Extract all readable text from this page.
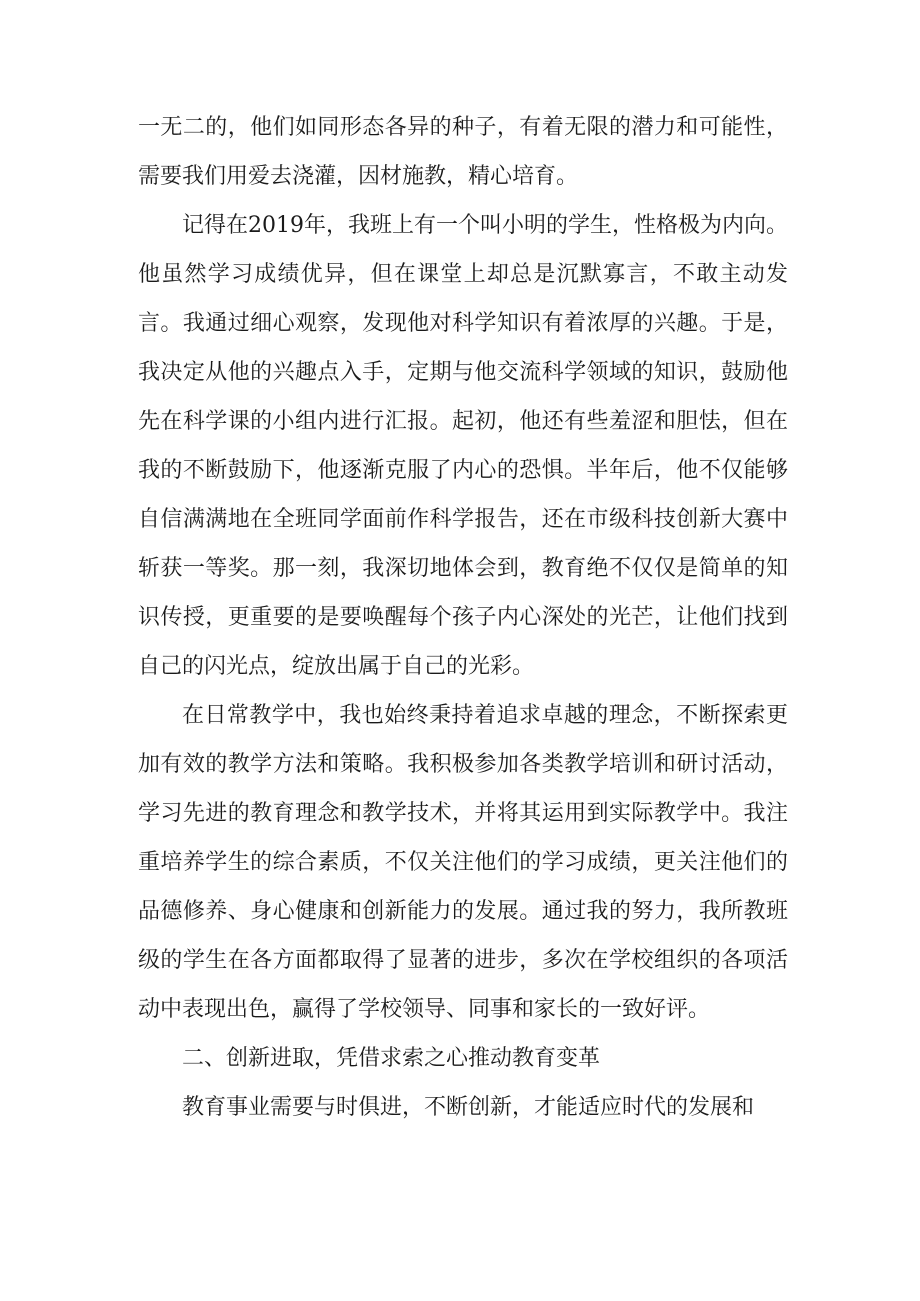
一无二的，他们如同形态各异的种子，有着无限的潜力和可能性，需要我们用爱去浇灌，因材施教，精心培育。

记得在2019年，我班上有一个叫小明的学生，性格极为内向。他虽然学习成绩优异，但在课堂上却总是沉默寡言，不敢主动发言。我通过细心观察，发现他对科学知识有着浓厚的兴趣。于是，我决定从他的兴趣点入手，定期与他交流科学领域的知识，鼓励他先在科学课的小组内进行汇报。起初，他还有些羞涩和胆怯，但在我的不断鼓励下，他逐渐克服了内心的恐惧。半年后，他不仅能够自信满满地在全班同学面前作科学报告，还在市级科技创新大赛中斩获一等奖。那一刻，我深切地体会到，教育绝不仅仅是简单的知识传授，更重要的是要唤醒每个孩子内心深处的光芒，让他们找到自己的闪光点，绽放出属于自己的光彩。

在日常教学中，我也始终秉持着追求卓越的理念，不断探索更加有效的教学方法和策略。我积极参加各类教学培训和研讨活动，学习先进的教育理念和教学技术，并将其运用到实际教学中。我注重培养学生的综合素质，不仅关注他们的学习成绩，更关注他们的品德修养、身心健康和创新能力的发展。通过我的努力，我所教班级的学生在各方面都取得了显著的进步，多次在学校组织的各项活动中表现出色，赢得了学校领导、同事和家长的一致好评。

二、创新进取，凭借求索之心推动教育变革

教育事业需要与时俱进，不断创新，才能适应时代的发展和
